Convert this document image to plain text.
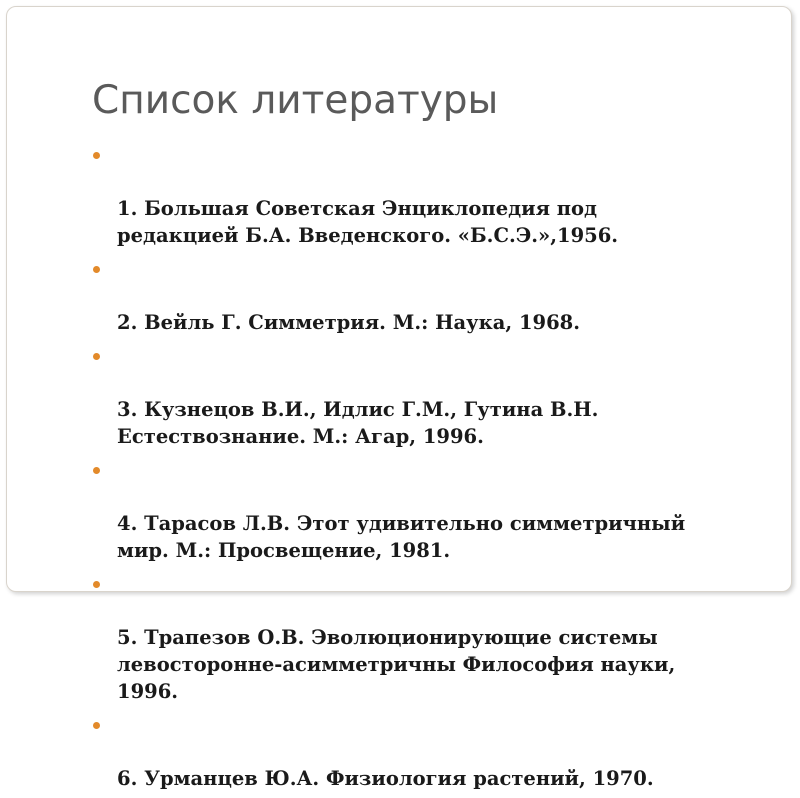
Список литературы

1. Большая Советская Энциклопедия под
редакцией Б.А. Введенского. «Б.С.Э.»,1956.

2. Вейль Г. Симметрия. М.: Наука, 1968.

3. Кузнецов В.И., Идлис Г.М., Гутина В.Н.
Естествознание. М.: Агар, 1996.

4. Тарасов Л.В. Этот удивительно симметричный
мир. М.: Просвещение, 1981.

5. Трапезов О.В. Эволюционирующие системы
левосторонне-асимметричны Философия науки,
1996.

6. Урманцев Ю.А. Физиология растений, 1970.
